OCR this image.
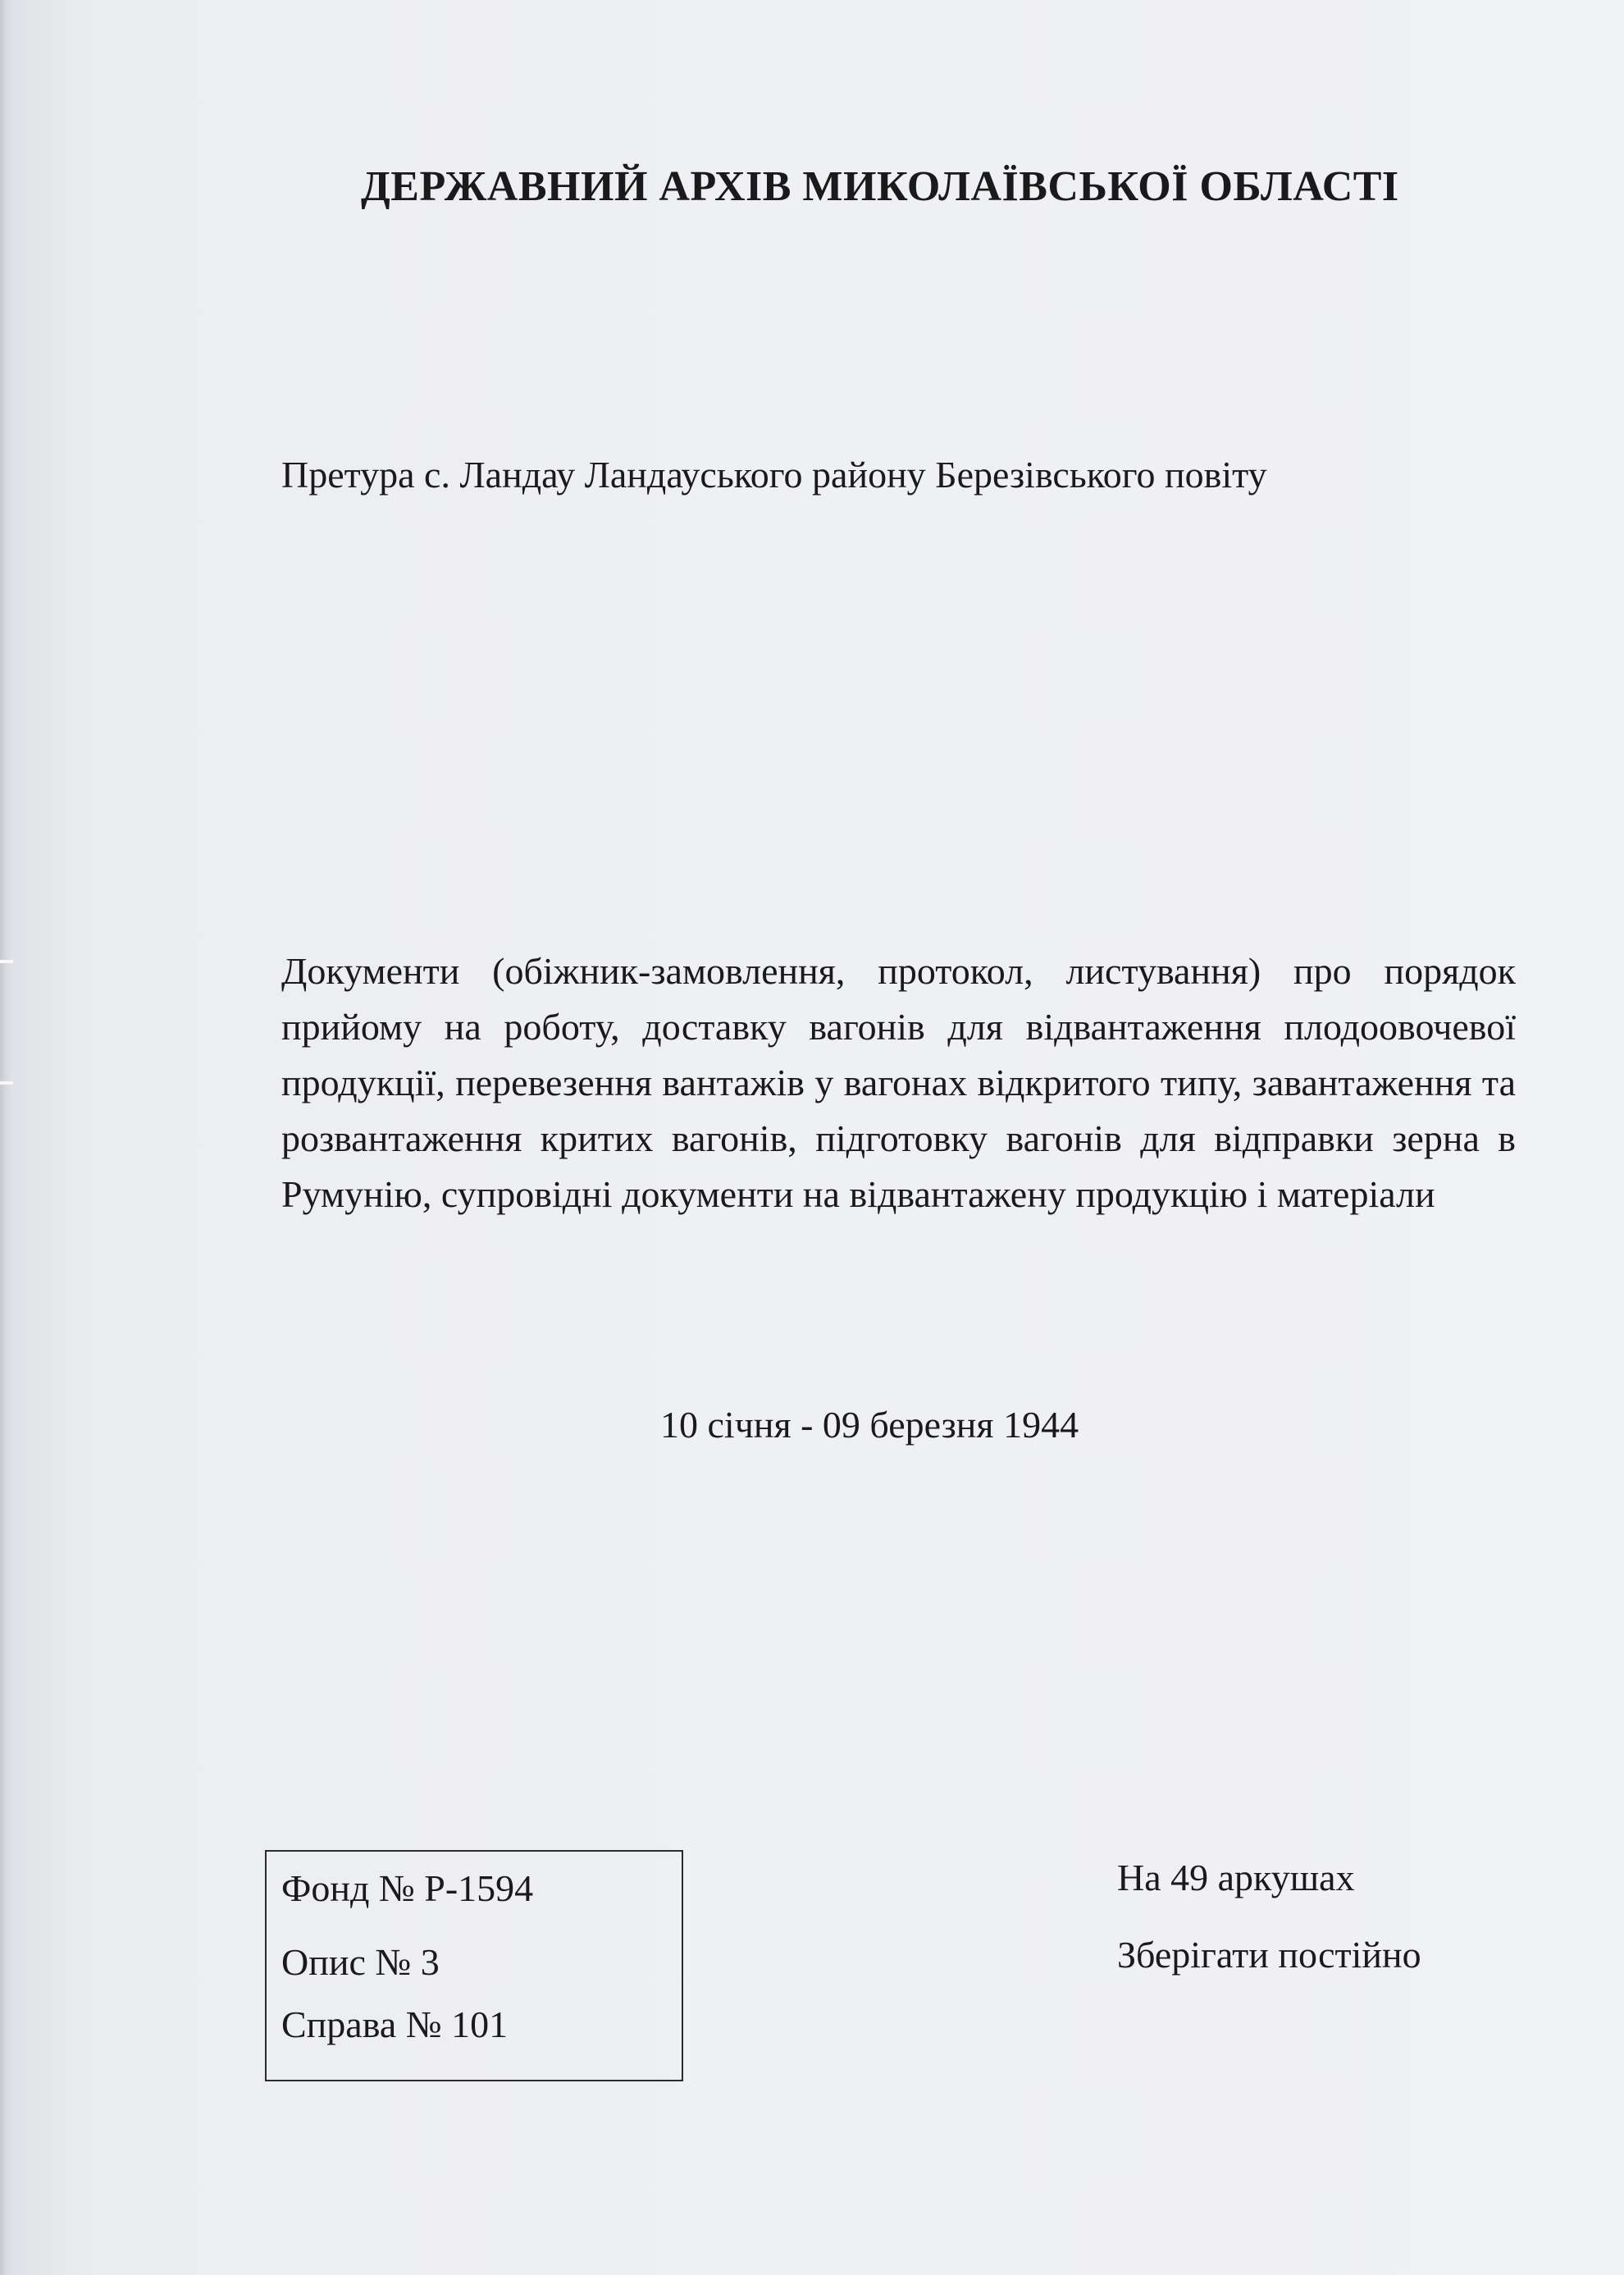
ДЕРЖАВНИЙ АРХІВ МИКОЛАЇВСЬКОЇ ОБЛАСТІ
Претура с. Ландау Ландауського району Березівського повіту
Документи (обіжник-замовлення, протокол, листування) про порядок прийому на роботу, доставку вагонів для відвантаження плодоовочевої продукції, перевезення вантажів у вагонах відкритого типу, завантаження та розвантаження критих вагонів, підготовку вагонів для відправки зерна в Румунію, супровідні документи на відвантажену продукцію і матеріали
10 січня - 09 березня 1944
Фонд № Р-1594
Опис № 3
Справа № 101
На 49 аркушах
Зберігати постійно
